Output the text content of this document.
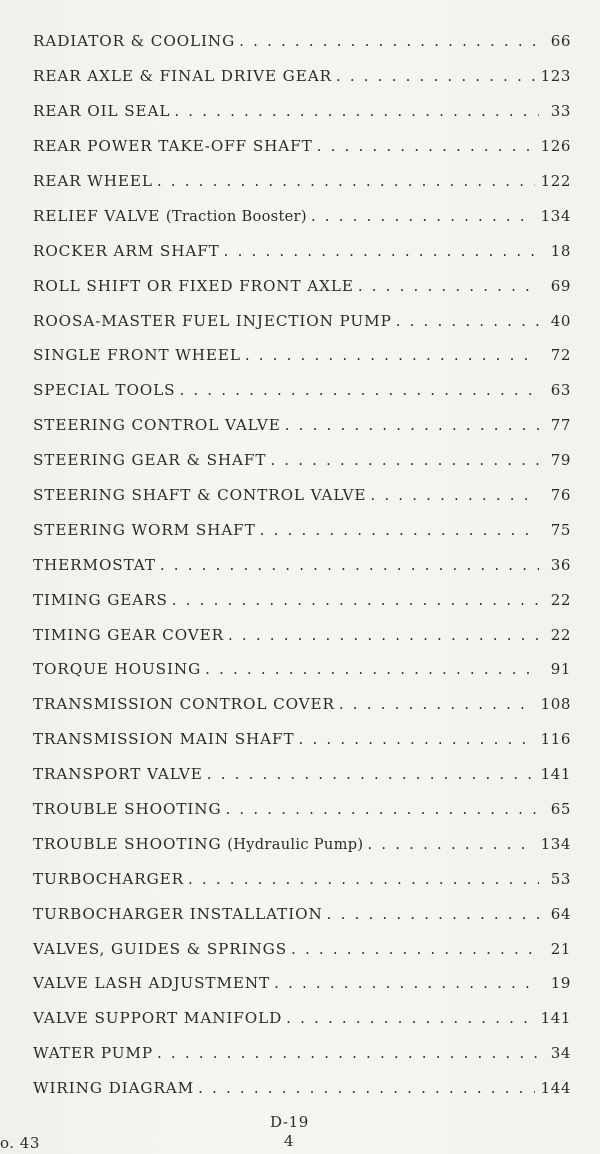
RADIATOR & COOLING . . .	66
REAR AXLE & FINAL DRIVE GEAR . . .	123
REAR OIL SEAL . . .	33
REAR POWER TAKE-OFF SHAFT . . .	126
REAR WHEEL . . .	122
RELIEF VALVE (Traction Booster) . . .	134
ROCKER ARM SHAFT . . .	18
ROLL SHIFT OR FIXED FRONT AXLE . . .	69
ROOSA-MASTER FUEL INJECTION PUMP . . .	40
SINGLE FRONT WHEEL . . .	72
SPECIAL TOOLS . . .	63
STEERING CONTROL VALVE . . .	77
STEERING GEAR & SHAFT . . .	79
STEERING SHAFT & CONTROL VALVE . . .	76
STEERING WORM SHAFT . . .	75
THERMOSTAT . . .	36
TIMING GEARS . . .	22
TIMING GEAR COVER . . .	22
TORQUE HOUSING . . .	91
TRANSMISSION CONTROL COVER . . .	108
TRANSMISSION MAIN SHAFT . . .	116
TRANSPORT VALVE . . .	141
TROUBLE SHOOTING . . .	65
TROUBLE SHOOTING (Hydraulic Pump) . . .	134
TURBOCHARGER . . .	53
TURBOCHARGER INSTALLATION . . .	64
VALVES, GUIDES & SPRINGS . . .	21
VALVE LASH ADJUSTMENT . . .	19
VALVE SUPPORT MANIFOLD . . .	141
WATER PUMP . . .	34
WIRING DIAGRAM . . .	144
D-19
4
o. 43
